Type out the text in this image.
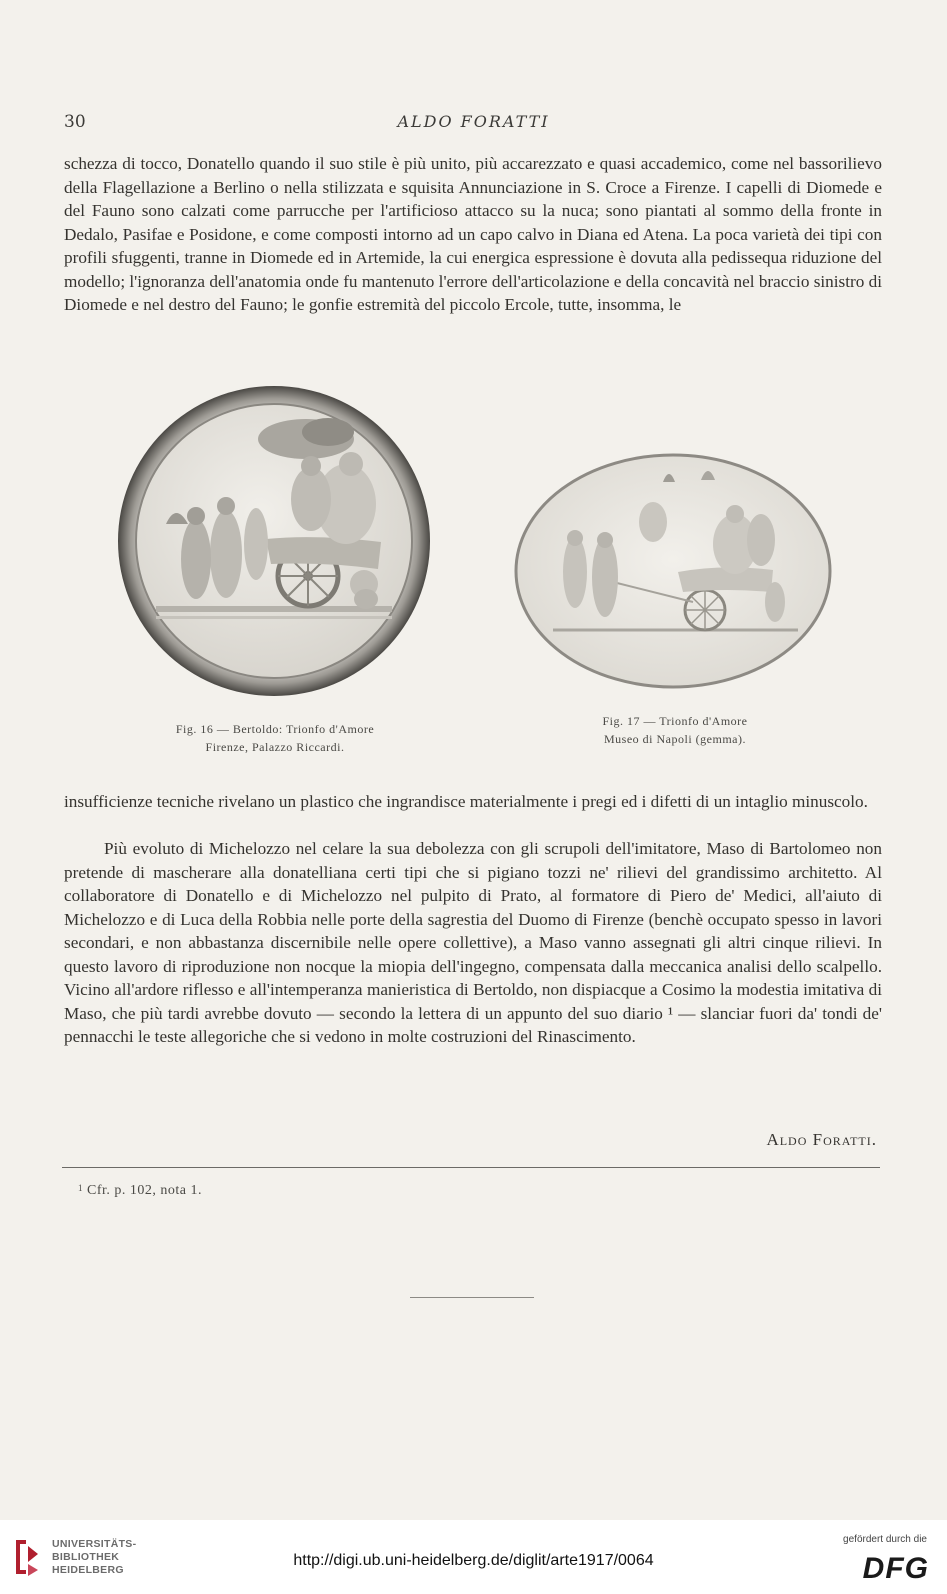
30	ALDO FORATTI

schezza di tocco, Donatello quando il suo stile è più unito, più accarezzato e quasi accademico, come nel bassorilievo della Flagellazione a Berlino o nella stilizzata e squisita Annunciazione in S. Croce a Firenze. I capelli di Diomede e del Fauno sono calzati come parrucche per l'artificioso attacco su la nuca; sono piantati al sommo della fronte in Dedalo, Pasifae e Posidone, e come composti intorno ad un capo calvo in Diana ed Atena. La poca varietà dei tipi con profili sfuggenti, tranne in Diomede ed in Artemide, la cui energica espressione è dovuta alla pedissequa riduzione del modello; l'ignoranza dell'anatomia onde fu mantenuto l'errore dell'articolazione e della concavità nel braccio sinistro di Diomede e nel destro del Fauno; le gonfie estremità del piccolo Ercole, tutte, insomma, le

Fig. 16 — Bertoldo: Trionfo d'Amore
Firenze, Palazzo Riccardi.
Fig. 17 — Trionfo d'Amore
Museo di Napoli (gemma).

insufficienze tecniche rivelano un plastico che ingrandisce materialmente i pregi ed i difetti di un intaglio minuscolo.

Più evoluto di Michelozzo nel celare la sua debolezza con gli scrupoli dell'imitatore, Maso di Bartolomeo non pretende di mascherare alla donatelliana certi tipi che si pigiano tozzi ne' rilievi del grandissimo architetto. Al collaboratore di Donatello e di Michelozzo nel pulpito di Prato, al formatore di Piero de' Medici, all'aiuto di Michelozzo e di Luca della Robbia nelle porte della sagrestia del Duomo di Firenze (benchè occupato spesso in lavori secondari, e non abbastanza discernibile nelle opere collettive), a Maso vanno assegnati gli altri cinque rilievi. In questo lavoro di riproduzione non nocque la miopia dell'ingegno, compensata dalla meccanica analisi dello scalpello. Vicino all'ardore riflesso e all'intemperanza manieristica di Bertoldo, non dispiacque a Cosimo la modestia imitativa di Maso, che più tardi avrebbe dovuto — secondo la lettera di un appunto del suo diario ¹ — slanciar fuori da' tondi de' pennacchi le teste allegoriche che si vedono in molte costruzioni del Rinascimento.

Aldo Foratti.
$^1$ Cfr. p. 102, nota 1.
UNIVERSITÄTS-
BIBLIOTHEK
HEIDELBERG
http://digi.ub.uni-heidelberg.de/diglit/arte1917/0064
gefördert durch die
DFG
